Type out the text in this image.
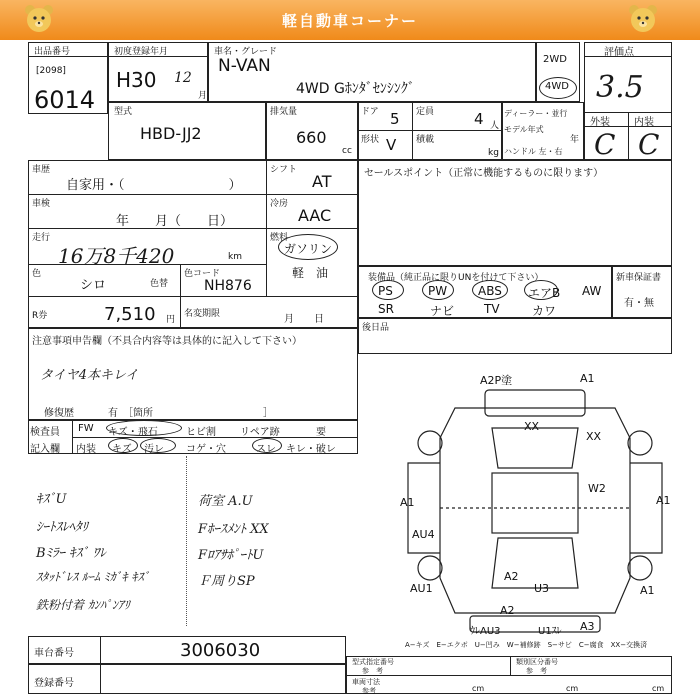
軽自動車コーナー
出品番号
[2098]
6014
初度登録年月
H30 12
月
車名・グレード
N-VAN
4WD Gﾎﾝﾀﾞｾﾝｼﾝｸﾞ
2WD
4WD
評価点
3.5
外装 内装
C C
型式
HBD-JJ2
排気量
660
cc
ドア 5 定員	4 人
形状 V 積載
kg
ディーラー・並行
モデル年式
年
ハンドル 左・右
車歴
自家用・（　　　　　　　　）
シフト
AT
車検
年　　月（　　日）
冷房
AAC
走行
16万8千420	km
燃料
ガソリン
軽　油
色
シロ	色替
色コード
NH876
R券	7,510 円
名変期限	月　　日
セールスポイント（正常に機能するものに限ります）
装備品（純正品に限りUNを付けて下さい）
PS	PW	ABS エアB AW
SR	ナビ TV	カワ
新車保証書
有・無
後日品
注意事項申告欄（不具合内容等は具体的に記入して下さい）
タイヤ4本キレイ
修復歴	有　［箇所　　　　　　　　　　　］
検査員
記入欄
FW キズ・飛石	ヒビ割 リペア跡	要
内装 キズ 汚レ コゲ・穴	スレ キレ・破レ
ｷｽﾞU
ｼｰﾄｽﾚﾍﾀﾘ
Bﾐﾗｰ ｷｽﾞ ﾜﾚ
ｽﾀｯﾄﾞﾚｽ ﾙｰﾑ ﾐｶﾞｷ ｷｽﾞ
鉄粉付着 ｶﾝﾊﾟﾝｱﾘ
荷室 A.U
Fﾎｰｽﾒﾝﾄ XX
FﾛｱｻﾎﾟｰﾄU
Ｆ周りSP
A2P塗	A1
XX
XX
A1
W2
A1
AU4
A2
AU1	U3	A1
A2
ｳﾚAU3	U1ｽﾚ A3
A−キズ　E−エクボ　U−凹み　W−補修跡　S−サビ　C−腐食　XX−交換済
車台番号	3006030
登録番号
型式指定番号
参　考
類別区分番号
参　考
車両寸法
参考	cm	cm	cm
